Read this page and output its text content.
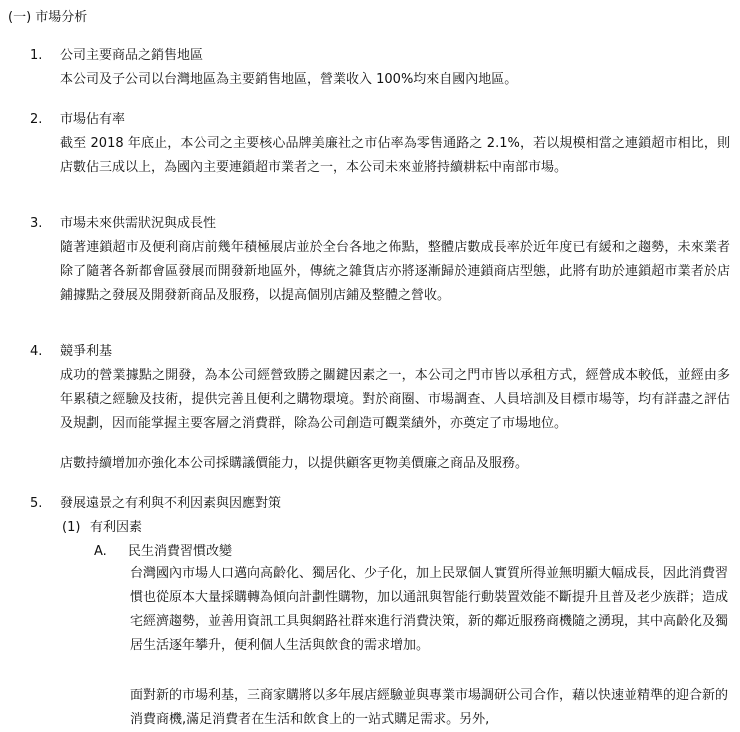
(一) 市場分析
1. 公司主要商品之銷售地區
本公司及子公司以台灣地區為主要銷售地區，營業收入 100%均來自國內地區。
2. 市場佔有率
截至 2018 年底止，本公司之主要核心品牌美廉社之市佔率為零售通路之 2.1%，若以規模相當之連鎖超市相比，則店數佔三成以上，為國內主要連鎖超市業者之一，本公司未來並將持續耕耘中南部市場。
3. 市場未來供需狀況與成長性
隨著連鎖超市及便利商店前幾年積極展店並於全台各地之佈點，整體店數成長率於近年度已有緩和之趨勢，未來業者除了隨著各新都會區發展而開發新地區外，傳統之雜貨店亦將逐漸歸於連鎖商店型態，此將有助於連鎖超市業者於店鋪據點之發展及開發新商品及服務，以提高個別店鋪及整體之營收。
4. 競爭利基
成功的營業據點之開發，為本公司經營致勝之關鍵因素之一，本公司之門市皆以承租方式，經營成本較低，並經由多年累積之經驗及技術，提供完善且便利之購物環境。對於商圈、市場調查、人員培訓及目標市場等，均有詳盡之評估及規劃，因而能掌握主要客層之消費群，除為公司創造可觀業績外，亦奠定了市場地位。
店數持續增加亦強化本公司採購議價能力，以提供顧客更物美價廉之商品及服務。
5. 發展遠景之有利與不利因素與因應對策
(1) 有利因素
A. 民生消費習慣改變
台灣國內市場人口邁向高齡化、獨居化、少子化，加上民眾個人實質所得並無明顯大幅成長，因此消費習慣也從原本大量採購轉為傾向計劃性購物，加以通訊與智能行動裝置效能不斷提升且普及老少族群；造成宅經濟趨勢，並善用資訊工具與網路社群來進行消費決策，新的鄰近服務商機隨之湧現，其中高齡化及獨居生活逐年攀升，便利個人生活與飲食的需求增加。
面對新的市場利基，三商家購將以多年展店經驗並與專業市場調研公司合作，藉以快速並精準的迎合新的消費商機,滿足消費者在生活和飲食上的一站式購足需求。另外,
